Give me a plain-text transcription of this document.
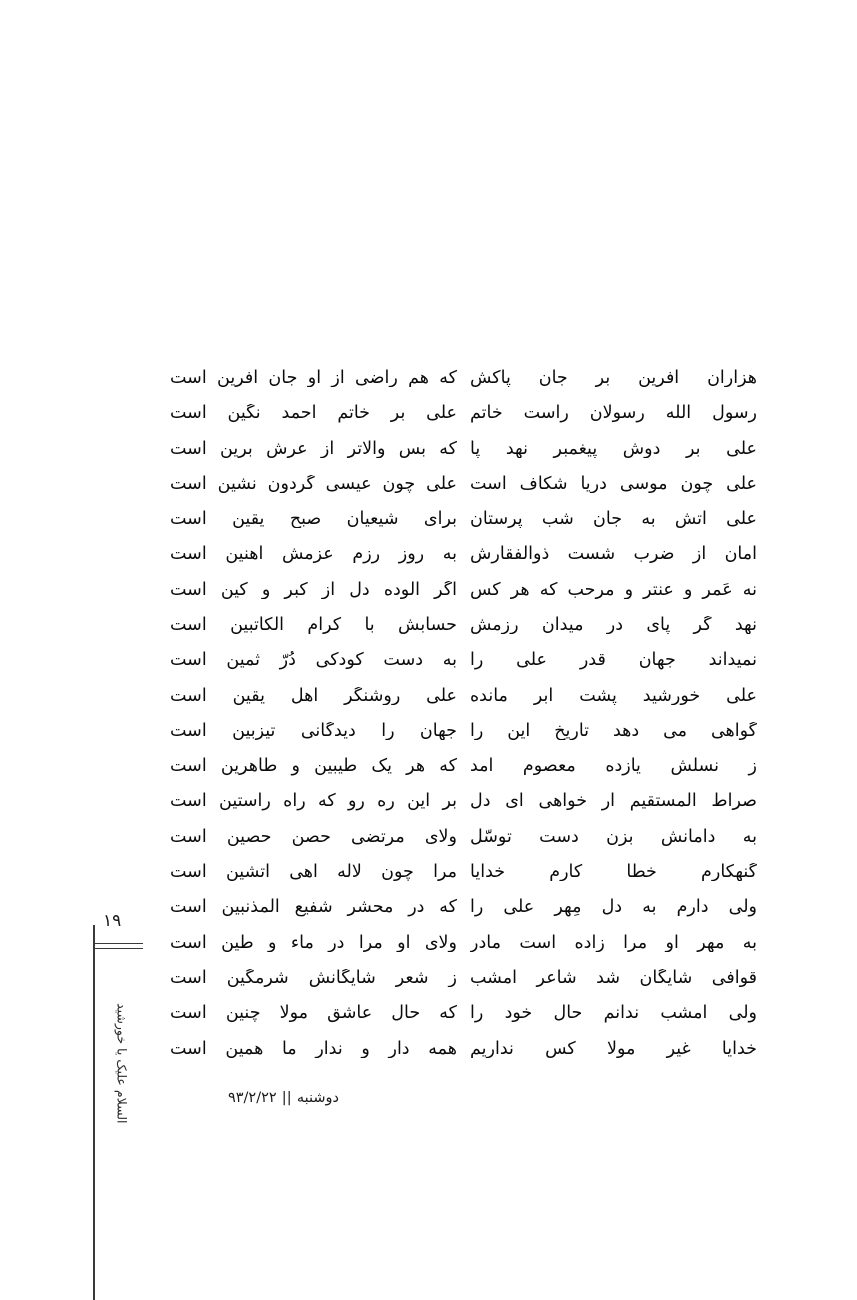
۱۹
السلام علیک یا خورشید
هزاران آفرین بر جان پاکش
که هم راضی از او جان آفرین است
رسول الله رسولان راست خاتم
علی بر خاتم احمد نگین است
علی بر دوش پیغمبر نهد پا
که بس والاتر از عرش برین است
علی چون موسی دریا شکاف است
علی چون عیسی گردون نشین است
علی آتش به جان شب پرستان
برای شیعیان صبح یقین است
امان از ضرب شست ذوالفقارش
به روز رزم عزمش آهنین است
نه عَمر و عنتر و مرحب که هر کس
اگر آلوده دل از کبر و کین است
نهد گر پای در میدان رزمش
حسابش با کرام الکاتبین است
نمیداند جهان قدر علی را
به دست کودکی دُرّ ثمین است
علی خورشید پشت ابر مانده
علی روشنگر اهل یقین است
گواهی می دهد تاریخ این را
جهان را دیدگانی تیزبین است
ز نسلش یازده معصوم آمد
که هر یک طیبین و طاهرین است
صراط المستقیم ار خواهی ای دل
بر این ره رو که راه راستین است
به دامانش بزن دست توسّل
ولای مرتضی حصن حصین است
گنهکارم خطا کارم خدایا
مرا چون لاله آهی آتشین است
ولی دارم به دل مِهر علی را
که در محشر شفیع المذنبین است
به مهر او مرا زاده است مادر
ولای او مرا در ماء و طین است
قوافی شایگان شد شاعر امشب
ز شعر شایگانش شرمگین است
ولی امشب ندانم حال خود را
که حال عاشق مولا چنین است
خدایا غیر مولا کس نداریم
همه دار و ندار ما همین است
دوشنبه||۹۳/۲/۲۲
